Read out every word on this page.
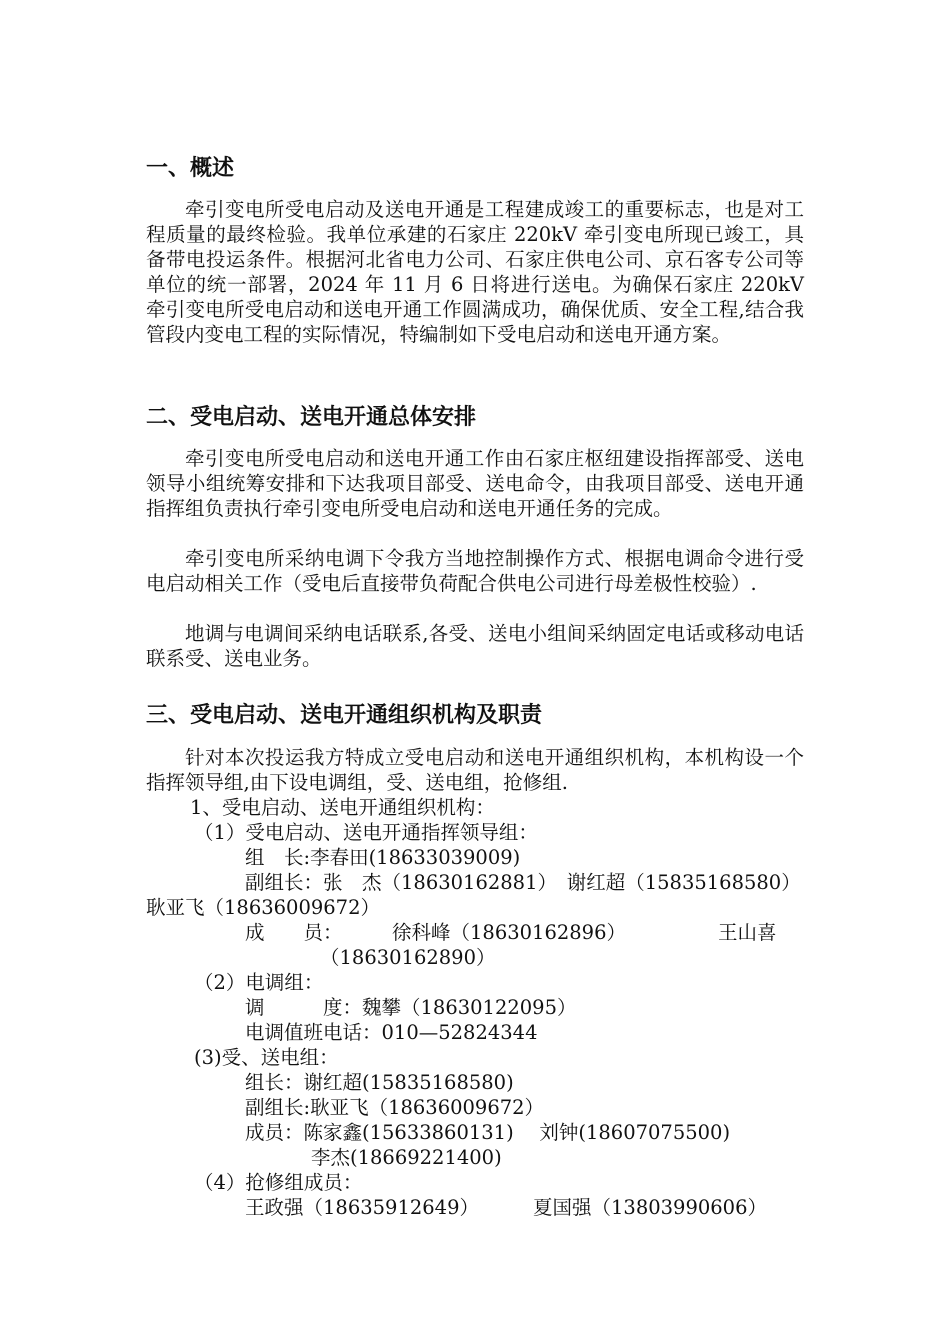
一、概述

牵引变电所受电启动及送电开通是工程建成竣工的重要标志，也是对工程质量的最终检验。我单位承建的石家庄 220kV 牵引变电所现已竣工，具备带电投运条件。根据河北省电力公司、石家庄供电公司、京石客专公司等单位的统一部署，2024 年 11 月 6 日将进行送电。为确保石家庄 220kV 牵引变电所受电启动和送电开通工作圆满成功，确保优质、安全工程,结合我管段内变电工程的实际情况，特编制如下受电启动和送电开通方案。

二、受电启动、送电开通总体安排

牵引变电所受电启动和送电开通工作由石家庄枢纽建设指挥部受、送电领导小组统筹安排和下达我项目部受、送电命令，由我项目部受、送电开通指挥组负责执行牵引变电所受电启动和送电开通任务的完成。

牵引变电所采纳电调下令我方当地控制操作方式、根据电调命令进行受电启动相关工作（受电后直接带负荷配合供电公司进行母差极性校验）.

地调与电调间采纳电话联系,各受、送电小组间采纳固定电话或移动电话联系受、送电业务。

三、受电启动、送电开通组织机构及职责

针对本次投运我方特成立受电启动和送电开通组织机构，本机构设一个指挥领导组,由下设电调组，受、送电组，抢修组.

1、受电启动、送电开通组织机构：
（1）受电启动、送电开通指挥领导组：
组　长:李春田(18633039009)
副组长：张　杰（18630162881）　谢红超（15835168580）
耿亚飞（18636009672）
成　　员：	徐科峰（18630162896）	王山喜
（18630162890）
（2）电调组：
调　　　度：魏攀（18630122095）
电调值班电话：010—52824344
(3)受、送电组：
组长：谢红超(15835168580)
副组长:耿亚飞（18636009672）
成员：陈家鑫(15633860131)　 刘钟(18607075500)
李杰(18669221400)
（4）抢修组成员：
王政强（18635912649）	夏国强（13803990606）
